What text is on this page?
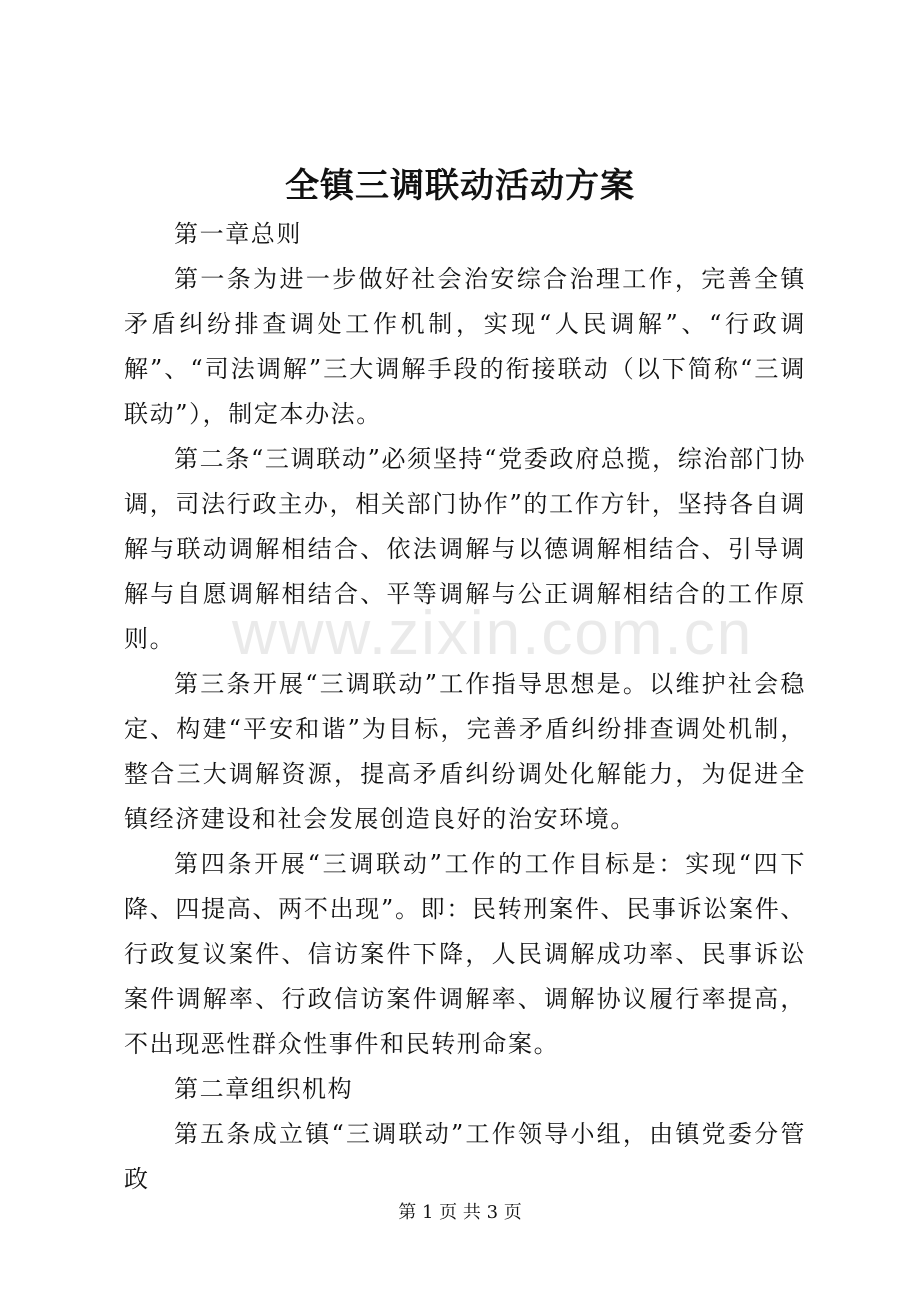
全镇三调联动活动方案

第一章总则

第一条为进一步做好社会治安综合治理工作，完善全镇矛盾纠纷排查调处工作机制，实现“人民调解”、“行政调解”、“司法调解”三大调解手段的衔接联动（以下简称“三调联动”），制定本办法。

第二条“三调联动”必须坚持“党委政府总揽，综治部门协调，司法行政主办，相关部门协作”的工作方针，坚持各自调解与联动调解相结合、依法调解与以德调解相结合、引导调解与自愿调解相结合、平等调解与公正调解相结合的工作原则。

第三条开展“三调联动”工作指导思想是。以维护社会稳定、构建“平安和谐”为目标，完善矛盾纠纷排查调处机制，整合三大调解资源，提高矛盾纠纷调处化解能力，为促进全镇经济建设和社会发展创造良好的治安环境。

第四条开展“三调联动”工作的工作目标是：实现“四下降、四提高、两不出现”。即：民转刑案件、民事诉讼案件、行政复议案件、信访案件下降，人民调解成功率、民事诉讼案件调解率、行政信访案件调解率、调解协议履行率提高，不出现恶性群众性事件和民转刑命案。

第二章组织机构

第五条成立镇“三调联动”工作领导小组，由镇党委分管政

www.zixin.com.cn
第 1 页 共 3 页
